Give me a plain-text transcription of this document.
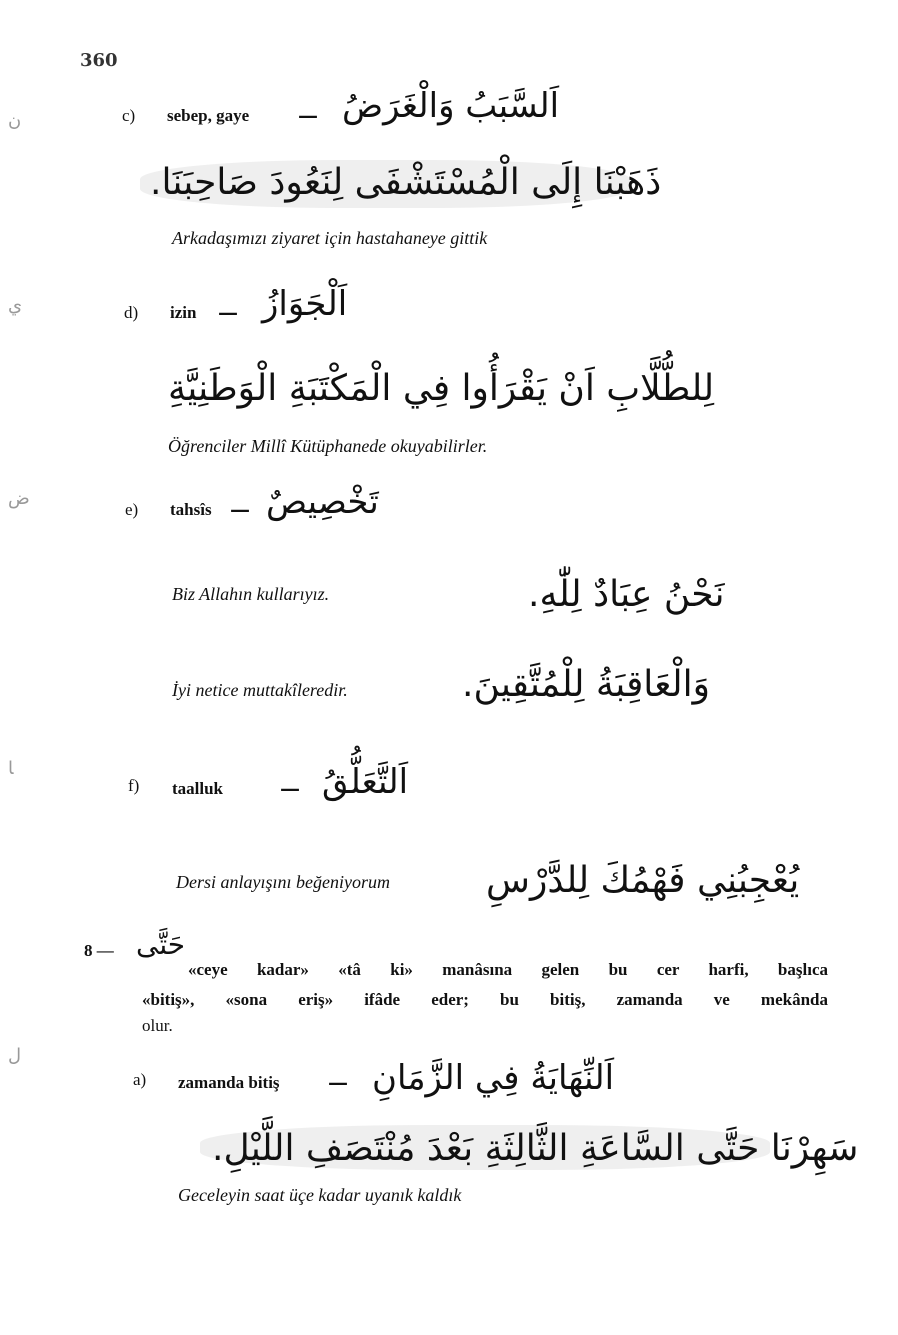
360
ﻥ
ﻱ
ﺽ
ﺎ
ﻝ
c) sebep, gaye — اَلسَّبَبُ وَالْغَرَضُ
ذَهَبْنَا إِلَى الْمُسْتَشْفَى لِنَعُودَ صَاحِبَنَا.
Arkadaşımızı ziyaret için hastahaneye gittik
d) izin — اَلْجَوَازُ
لِلطُّلَّابِ اَنْ يَقْرَأُوا فِي الْمَكْتَبَةِ الْوَطَنِيَّةِ
Öğrenciler Millî Kütüphanede okuyabilirler.
e) tahsîs — تَخْصِيصٌ
Biz Allahın kullarıyız.	نَحْنُ عِبَادٌ لِلّٰهِ.
İyi netice muttakîleredir.	وَالْعَاقِبَةُ لِلْمُتَّقِينَ.
f) taalluk	— اَلتَّعَلُّقُ
Dersi anlayışını beğeniyorum	يُعْجِبُنِي فَهْمُكَ لِلدَّرْسِ
8 — حَتَّى
«ceye kadar» «tâ ki» manâsına gelen bu cer harfi, başlıca
«bitiş», «sona eriş» ifâde eder; bu bitiş, zamanda ve mekânda
olur.
a) zamanda bitiş — اَلنِّهَايَةُ فِي الزَّمَانِ
سَهِرْنَا حَتَّى السَّاعَةِ الثَّالِثَةِ بَعْدَ مُنْتَصَفِ اللَّيْلِ.
Geceleyin saat üçe kadar uyanık kaldık
